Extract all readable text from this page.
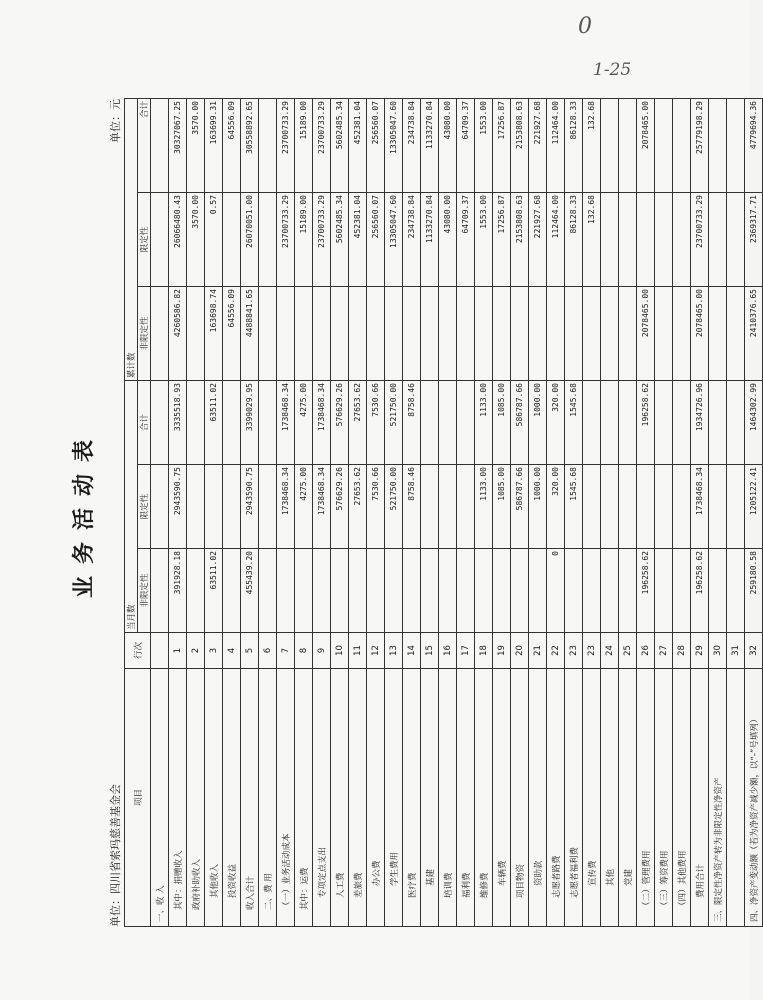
0
1-25
业务活动表
单位：四川省索玛慈善基金会
单位：元
项目	行次	当月数			累计数		
		非限定性	限定性	合计	非限定性	限定性	合计
一、收 入							
其中：捐赠收入	1	391928.18	2943590.75	3335518.93	4260586.82	26066480.43	30327067.25
政府补助收入	2					3570.00	3570.00
其他收入	3	63511.02		63511.02	163698.74	0.57	163699.31
投资收益	4				64556.09		64556.09
收入合计	5	455439.20	2943590.75	3399029.95	4488841.65	26070051.00	30558892.65
二、费 用	6						
（一）业务活动成本	7		1738468.34	1738468.34		23700733.29	23700733.29
其中：运费	8		4275.00	4275.00		15189.00	15189.00
专项定点支出	9		1738468.34	1738468.34		23700733.29	23700733.29
人工费	10		576629.26	576629.26		5602485.34	5602485.34
差旅费	11		27653.62	27653.62		452381.04	452381.04
办公费	12		7530.66	7530.66		256560.07	256560.07
学生费用	13		521750.00	521750.00		13305047.60	13305047.60
医疗费	14		8758.46	8758.46		234738.84	234738.84
基建	15					1133270.84	1133270.84
培训费	16					43080.00	43080.00
福利费	17					64709.37	64709.37
维修费	18		1133.00	1133.00		1553.00	1553.00
车辆费	19		1085.00	1085.00		17256.87	17256.87
项目物资	20		586787.66	586787.66		2153808.63	2153808.63
资助款	21		1000.00	1000.00		221927.68	221927.68
志愿者路费	22	0	320.00	320.00		112464.00	112464.00
志愿者福利费	23		1545.68	1545.68		86128.33	86128.33
宣传费	23					132.68	132.68
其他	24						
党建	25						
（二）管理费用	26	196258.62		196258.62	2078465.00		2078465.00
（三）筹资费用	27						
（四）其他费用	28						
费用合计	29	196258.62	1738468.34	1934726.96	2078465.00	23700733.29	25779198.29
三、限定性净资产转为非限定性净资产	30						
	31						
四、净资产变动额（若为净资产减少额，以“-”号填列）	32	259180.58	1205122.41	1464302.99	2410376.65	2369317.71	4779694.36
